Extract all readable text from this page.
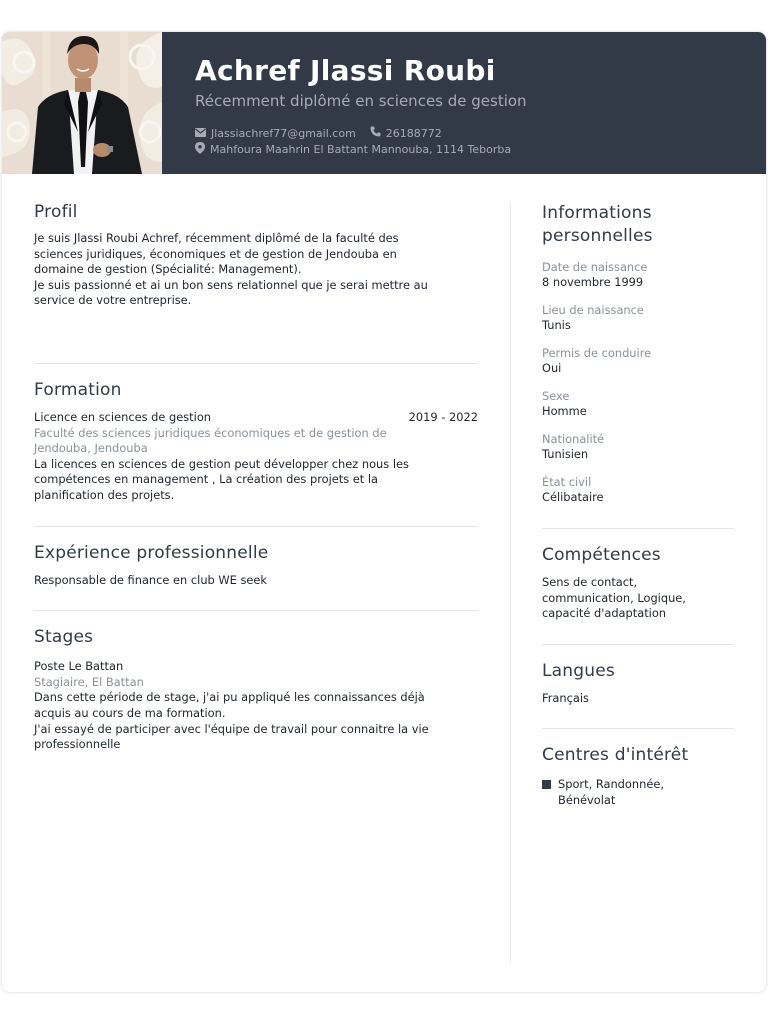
Achref Jlassi Roubi
Récemment diplômé en sciences de gestion
Jlassiachref77@gmail.com	26188772
Mahfoura Maahrin El Battant Mannouba, 1114 Teborba
Profil

Je suis Jlassi Roubi Achref, récemment diplômé de la faculté des
sciences juridiques, économiques et de gestion de Jendouba en
domaine de gestion (Spécialité: Management).
Je suis passionné et ai un bon sens relationnel que je serai mettre au
service de votre entreprise.

Formation
Licence en sciences de gestion	2019 - 2022

Faculté des sciences juridiques économiques et de gestion de
Jendouba, Jendouba

La licences en sciences de gestion peut développer chez nous les
compétences en management , La création des projets et la
planification des projets.

Expérience professionnelle

Responsable de finance en club WE seek

Stages

Poste Le Battan

Stagiaire, El Battan

Dans cette période de stage, j'ai pu appliqué les connaissances déjà
acquis au cours de ma formation.
J'ai essayé de participer avec l'équipe de travail pour connaitre la vie
professionnelle

Informations
personnelles
Date de naissance
8 novembre 1999
Lieu de naissance
Tunis
Permis de conduire
Oui
Sexe
Homme
Nationalité
Tunisien
État civil
Célibataire
Compétences

Sens de contact,
communication, Logique,
capacité d'adaptation

Langues

Français

Centres d'intérêt
Sport, Randonnée,
Bénévolat
